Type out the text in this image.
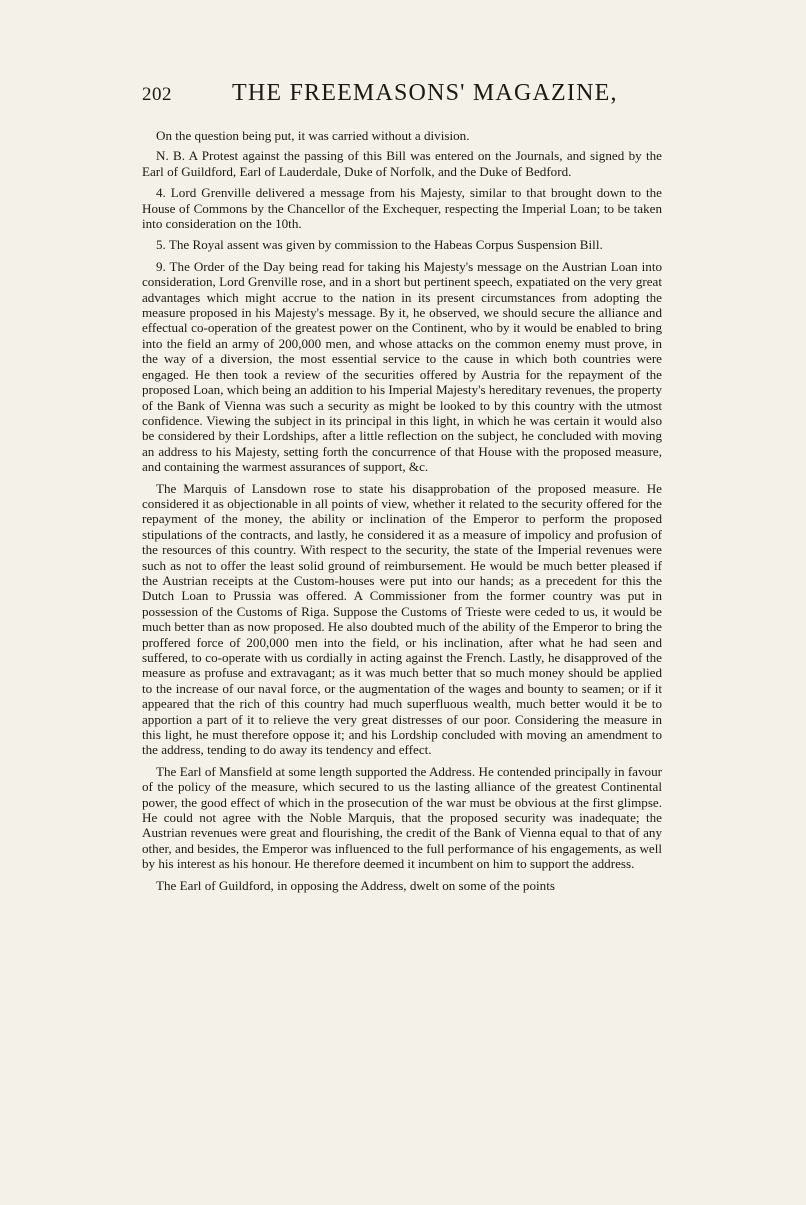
202	THE FREEMASONS' MAGAZINE,

On the question being put, it was carried without a division.

N. B. A Protest against the passing of this Bill was entered on the Journals, and signed by the Earl of Guildford, Earl of Lauderdale, Duke of Norfolk, and the Duke of Bedford.

4. Lord Grenville delivered a message from his Majesty, similar to that brought down to the House of Commons by the Chancellor of the Exchequer, respecting the Imperial Loan; to be taken into consideration on the 10th.

5. The Royal assent was given by commission to the Habeas Corpus Suspension Bill.

9. The Order of the Day being read for taking his Majesty's message on the Austrian Loan into consideration, Lord Grenville rose, and in a short but pertinent speech, expatiated on the very great advantages which might accrue to the nation in its present circumstances from adopting the measure proposed in his Majesty's message. By it, he observed, we should secure the alliance and effectual co-operation of the greatest power on the Continent, who by it would be enabled to bring into the field an army of 200,000 men, and whose attacks on the common enemy must prove, in the way of a diversion, the most essential service to the cause in which both countries were engaged. He then took a review of the securities offered by Austria for the repayment of the proposed Loan, which being an addition to his Imperial Majesty's hereditary revenues, the property of the Bank of Vienna was such a security as might be looked to by this country with the utmost confidence. Viewing the subject in its principal in this light, in which he was certain it would also be considered by their Lordships, after a little reflection on the subject, he concluded with moving an address to his Majesty, setting forth the concurrence of that House with the proposed measure, and containing the warmest assurances of support, &c.

The Marquis of Lansdown rose to state his disapprobation of the proposed measure. He considered it as objectionable in all points of view, whether it related to the security offered for the repayment of the money, the ability or inclination of the Emperor to perform the proposed stipulations of the contracts, and lastly, he considered it as a measure of impolicy and profusion of the resources of this country. With respect to the security, the state of the Imperial revenues were such as not to offer the least solid ground of reimbursement. He would be much better pleased if the Austrian receipts at the Custom-houses were put into our hands; as a precedent for this the Dutch Loan to Prussia was offered. A Commissioner from the former country was put in possession of the Customs of Riga. Suppose the Customs of Trieste were ceded to us, it would be much better than as now proposed. He also doubted much of the ability of the Emperor to bring the proffered force of 200,000 men into the field, or his inclination, after what he had seen and suffered, to co-operate with us cordially in acting against the French. Lastly, he disapproved of the measure as profuse and extravagant; as it was much better that so much money should be applied to the increase of our naval force, or the augmentation of the wages and bounty to seamen; or if it appeared that the rich of this country had much superfluous wealth, much better would it be to apportion a part of it to relieve the very great distresses of our poor. Considering the measure in this light, he must therefore oppose it; and his Lordship concluded with moving an amendment to the address, tending to do away its tendency and effect.

The Earl of Mansfield at some length supported the Address. He contended principally in favour of the policy of the measure, which secured to us the lasting alliance of the greatest Continental power, the good effect of which in the prosecution of the war must be obvious at the first glimpse. He could not agree with the Noble Marquis, that the proposed security was inadequate; the Austrian revenues were great and flourishing, the credit of the Bank of Vienna equal to that of any other, and besides, the Emperor was influenced to the full performance of his engagements, as well by his interest as his honour. He therefore deemed it incumbent on him to support the address.

The Earl of Guildford, in opposing the Address, dwelt on some of the points
